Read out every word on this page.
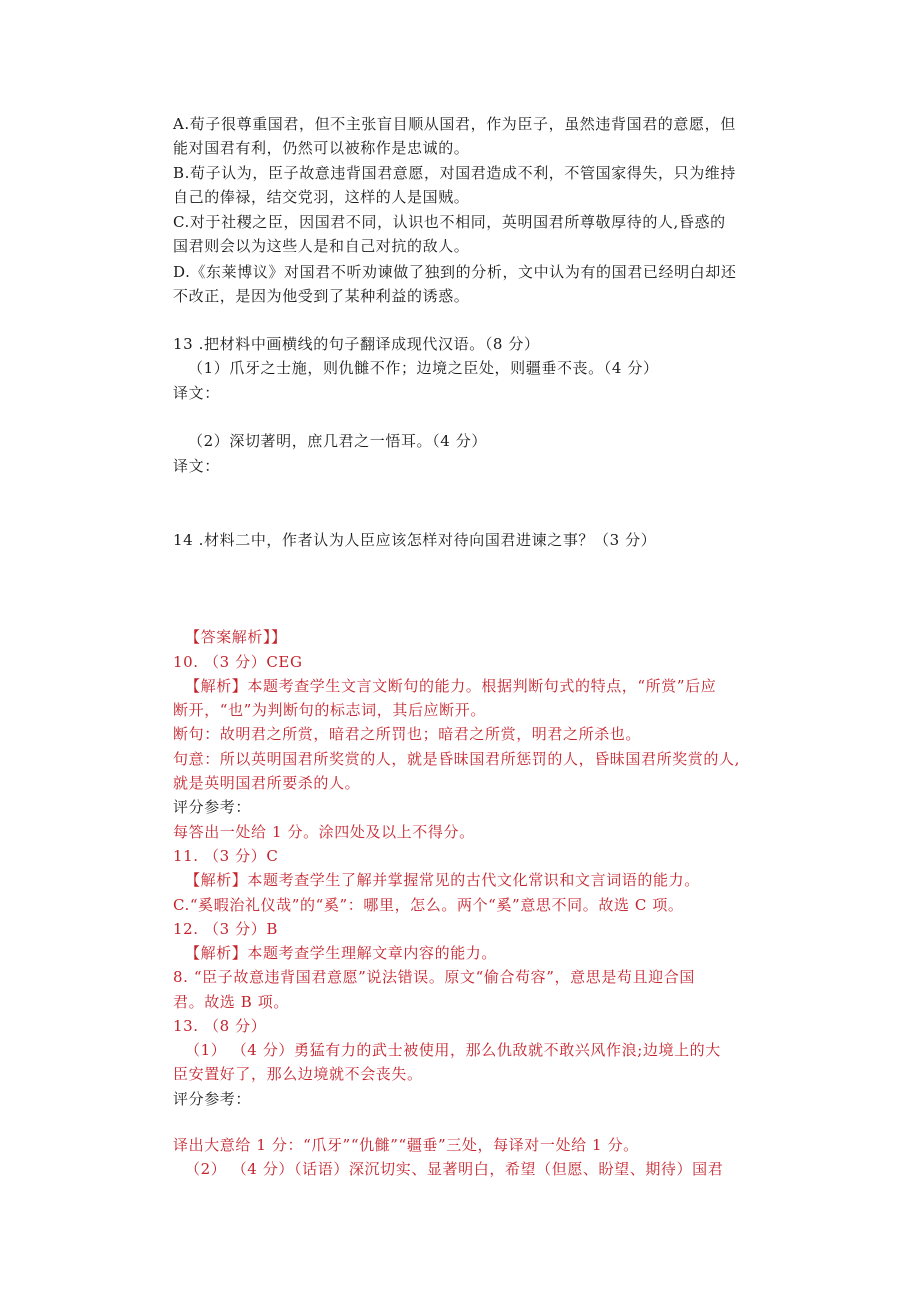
A.荀子很尊重国君，但不主张盲目顺从国君，作为臣子，虽然违背国君的意愿，但
能对国君有利，仍然可以被称作是忠诚的。
B.荀子认为，臣子故意违背国君意愿，对国君造成不利，不管国家得失，只为维持
自己的俸禄，结交党羽，这样的人是国贼。
C.对于社稷之臣，因国君不同，认识也不相同，英明国君所尊敬厚待的人,昏惑的
国君则会以为这些人是和自己对抗的敌人。
D.《东莱博议》对国君不听劝谏做了独到的分析，文中认为有的国君已经明白却还
不改正，是因为他受到了某种利益的诱惑。
13 .把材料中画横线的句子翻译成现代汉语。（8 分）
（1）爪牙之士施，则仇雠不作；边境之臣处，则疆垂不丧。（4 分）
译文：
（2）深切著明，庶几君之一悟耳。（4 分）
译文：
14 .材料二中，作者认为人臣应该怎样对待向国君进谏之事？（3 分）
【答案解析】】
10. （3 分）CEG
【解析】本题考查学生文言文断句的能力。根据判断句式的特点，“所赏”后应
断开，“也”为判断句的标志词，其后应断开。
断句：故明君之所赏，暗君之所罚也；暗君之所赏，明君之所杀也。
句意：所以英明国君所奖赏的人，就是昏昧国君所惩罚的人，昏昧国君所奖赏的人,
就是英明国君所要杀的人。
评分参考：
每答出一处给 1 分。涂四处及以上不得分。
11. （3 分）C
【解析】本题考查学生了解并掌握常见的古代文化常识和文言词语的能力。
C.“奚暇治礼仪哉”的“奚”：哪里，怎么。两个“奚”意思不同。故选 C 项。
12. （3 分）B
【解析】本题考查学生理解文章内容的能力。
8. “臣子故意违背国君意愿”说法错误。原文“偷合苟容”，意思是苟且迎合国
君。故选 B 项。
13. （8 分）
（1） （4 分）勇猛有力的武士被使用，那么仇敌就不敢兴风作浪;边境上的大
臣安置好了，那么边境就不会丧失。
评分参考：
译出大意给 1 分：“爪牙”“仇雠”“疆垂”三处，每译对一处给 1 分。
（2） （4 分）（话语）深沉切实、显著明白，希望（但愿、盼望、期待）国君
